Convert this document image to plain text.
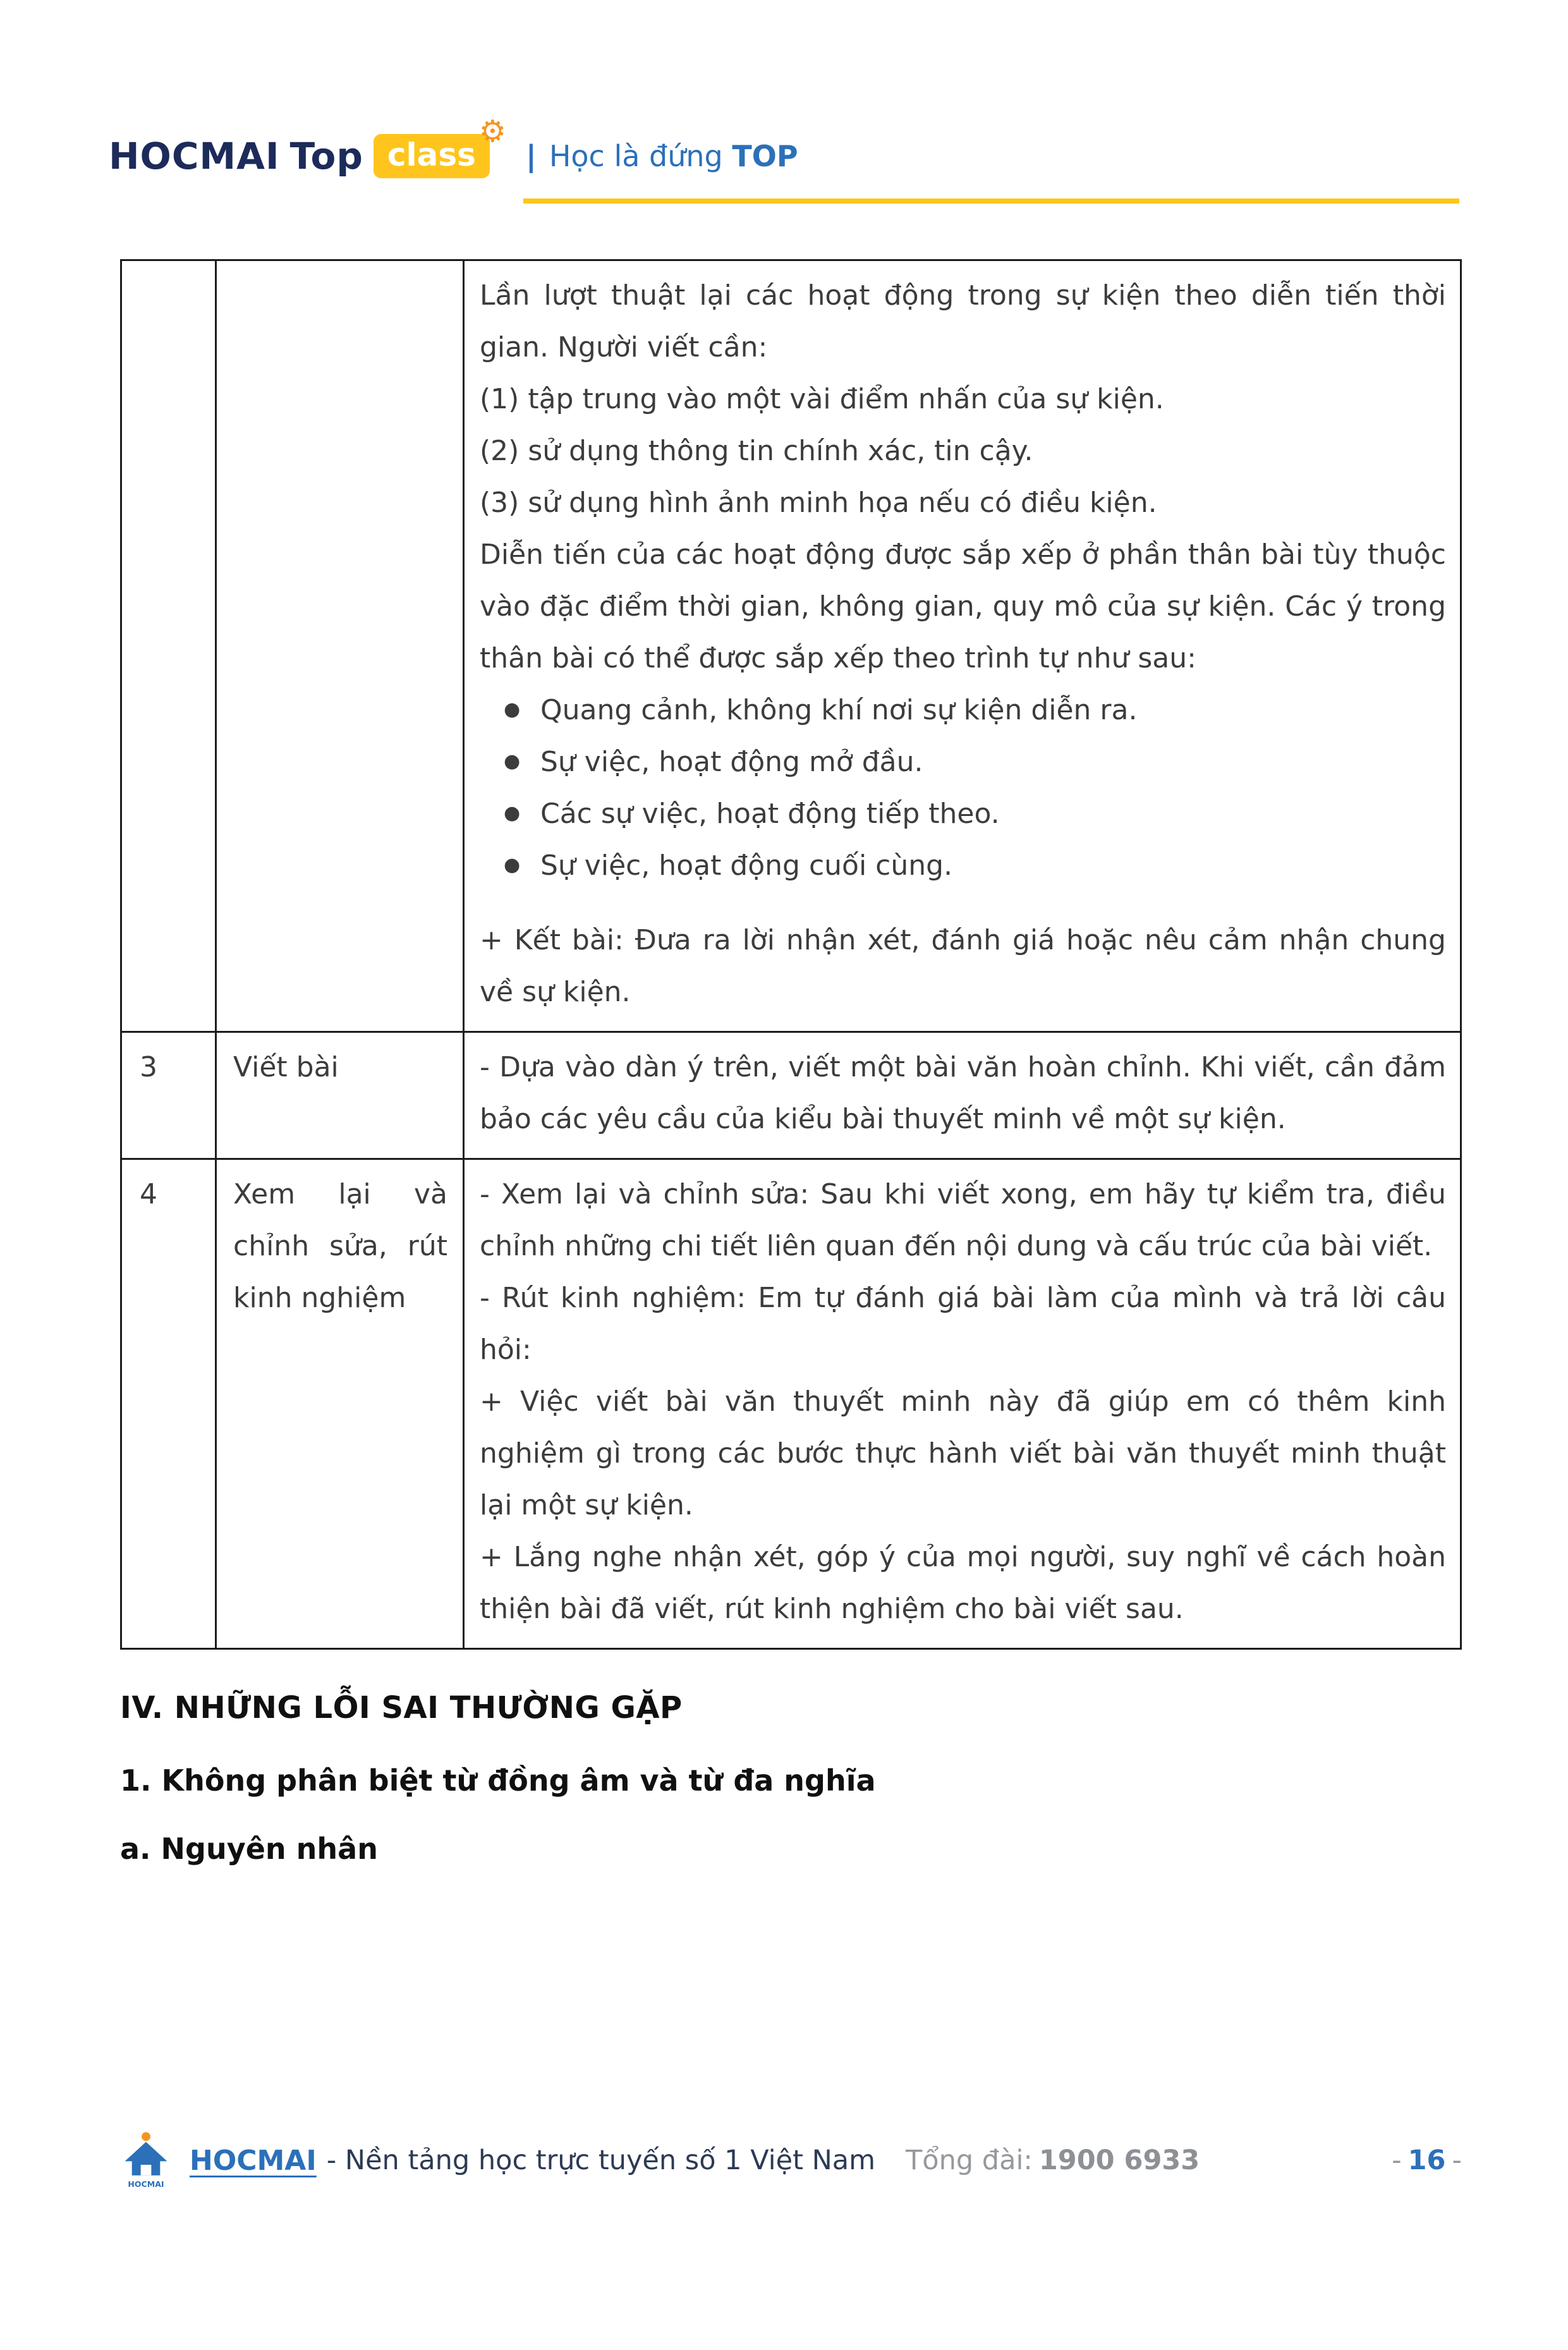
HOCMAI Top class
⚙
| Học là đứng TOP

Lần lượt thuật lại các hoạt động trong sự kiện theo diễn tiến thời gian. Người viết cần:

(1) tập trung vào một vài điểm nhấn của sự kiện.

(2) sử dụng thông tin chính xác, tin cậy.

(3) sử dụng hình ảnh minh họa nếu có điều kiện.

Diễn tiến của các hoạt động được sắp xếp ở phần thân bài tùy thuộc vào đặc điểm thời gian, không gian, quy mô của sự kiện. Các ý trong thân bài có thể được sắp xếp theo trình tự như sau:

● Quang cảnh, không khí nơi sự kiện diễn ra.
● Sự việc, hoạt động mở đầu.
● Các sự việc, hoạt động tiếp theo.
● Sự việc, hoạt động cuối cùng.

+ Kết bài: Đưa ra lời nhận xét, đánh giá hoặc nêu cảm nhận chung về sự kiện.

3	Viết bài	- Dựa vào dàn ý trên, viết một bài văn hoàn chỉnh. Khi viết, cần đảm bảo các yêu cầu của kiểu bài thuyết minh về một sự kiện.

4	Xem lại và chỉnh sửa, rút kinh nghiệm	- Xem lại và chỉnh sửa: Sau khi viết xong, em hãy tự kiểm tra, điều chỉnh những chi tiết liên quan đến nội dung và cấu trúc của bài viết.

- Rút kinh nghiệm: Em tự đánh giá bài làm của mình và trả lời câu hỏi:

+ Việc viết bài văn thuyết minh này đã giúp em có thêm kinh nghiệm gì trong các bước thực hành viết bài văn thuyết minh thuật lại một sự kiện.

+ Lắng nghe nhận xét, góp ý của mọi người, suy nghĩ về cách hoàn thiện bài đã viết, rút kinh nghiệm cho bài viết sau.

IV. NHỮNG LỖI SAI THƯỜNG GẶP
1. Không phân biệt từ đồng âm và từ đa nghĩa
a. Nguyên nhân
HOCMAI
HOCMAI - Nền tảng học trực tuyến số 1 Việt Nam Tổng đài: 1900 6933	- 16 -
